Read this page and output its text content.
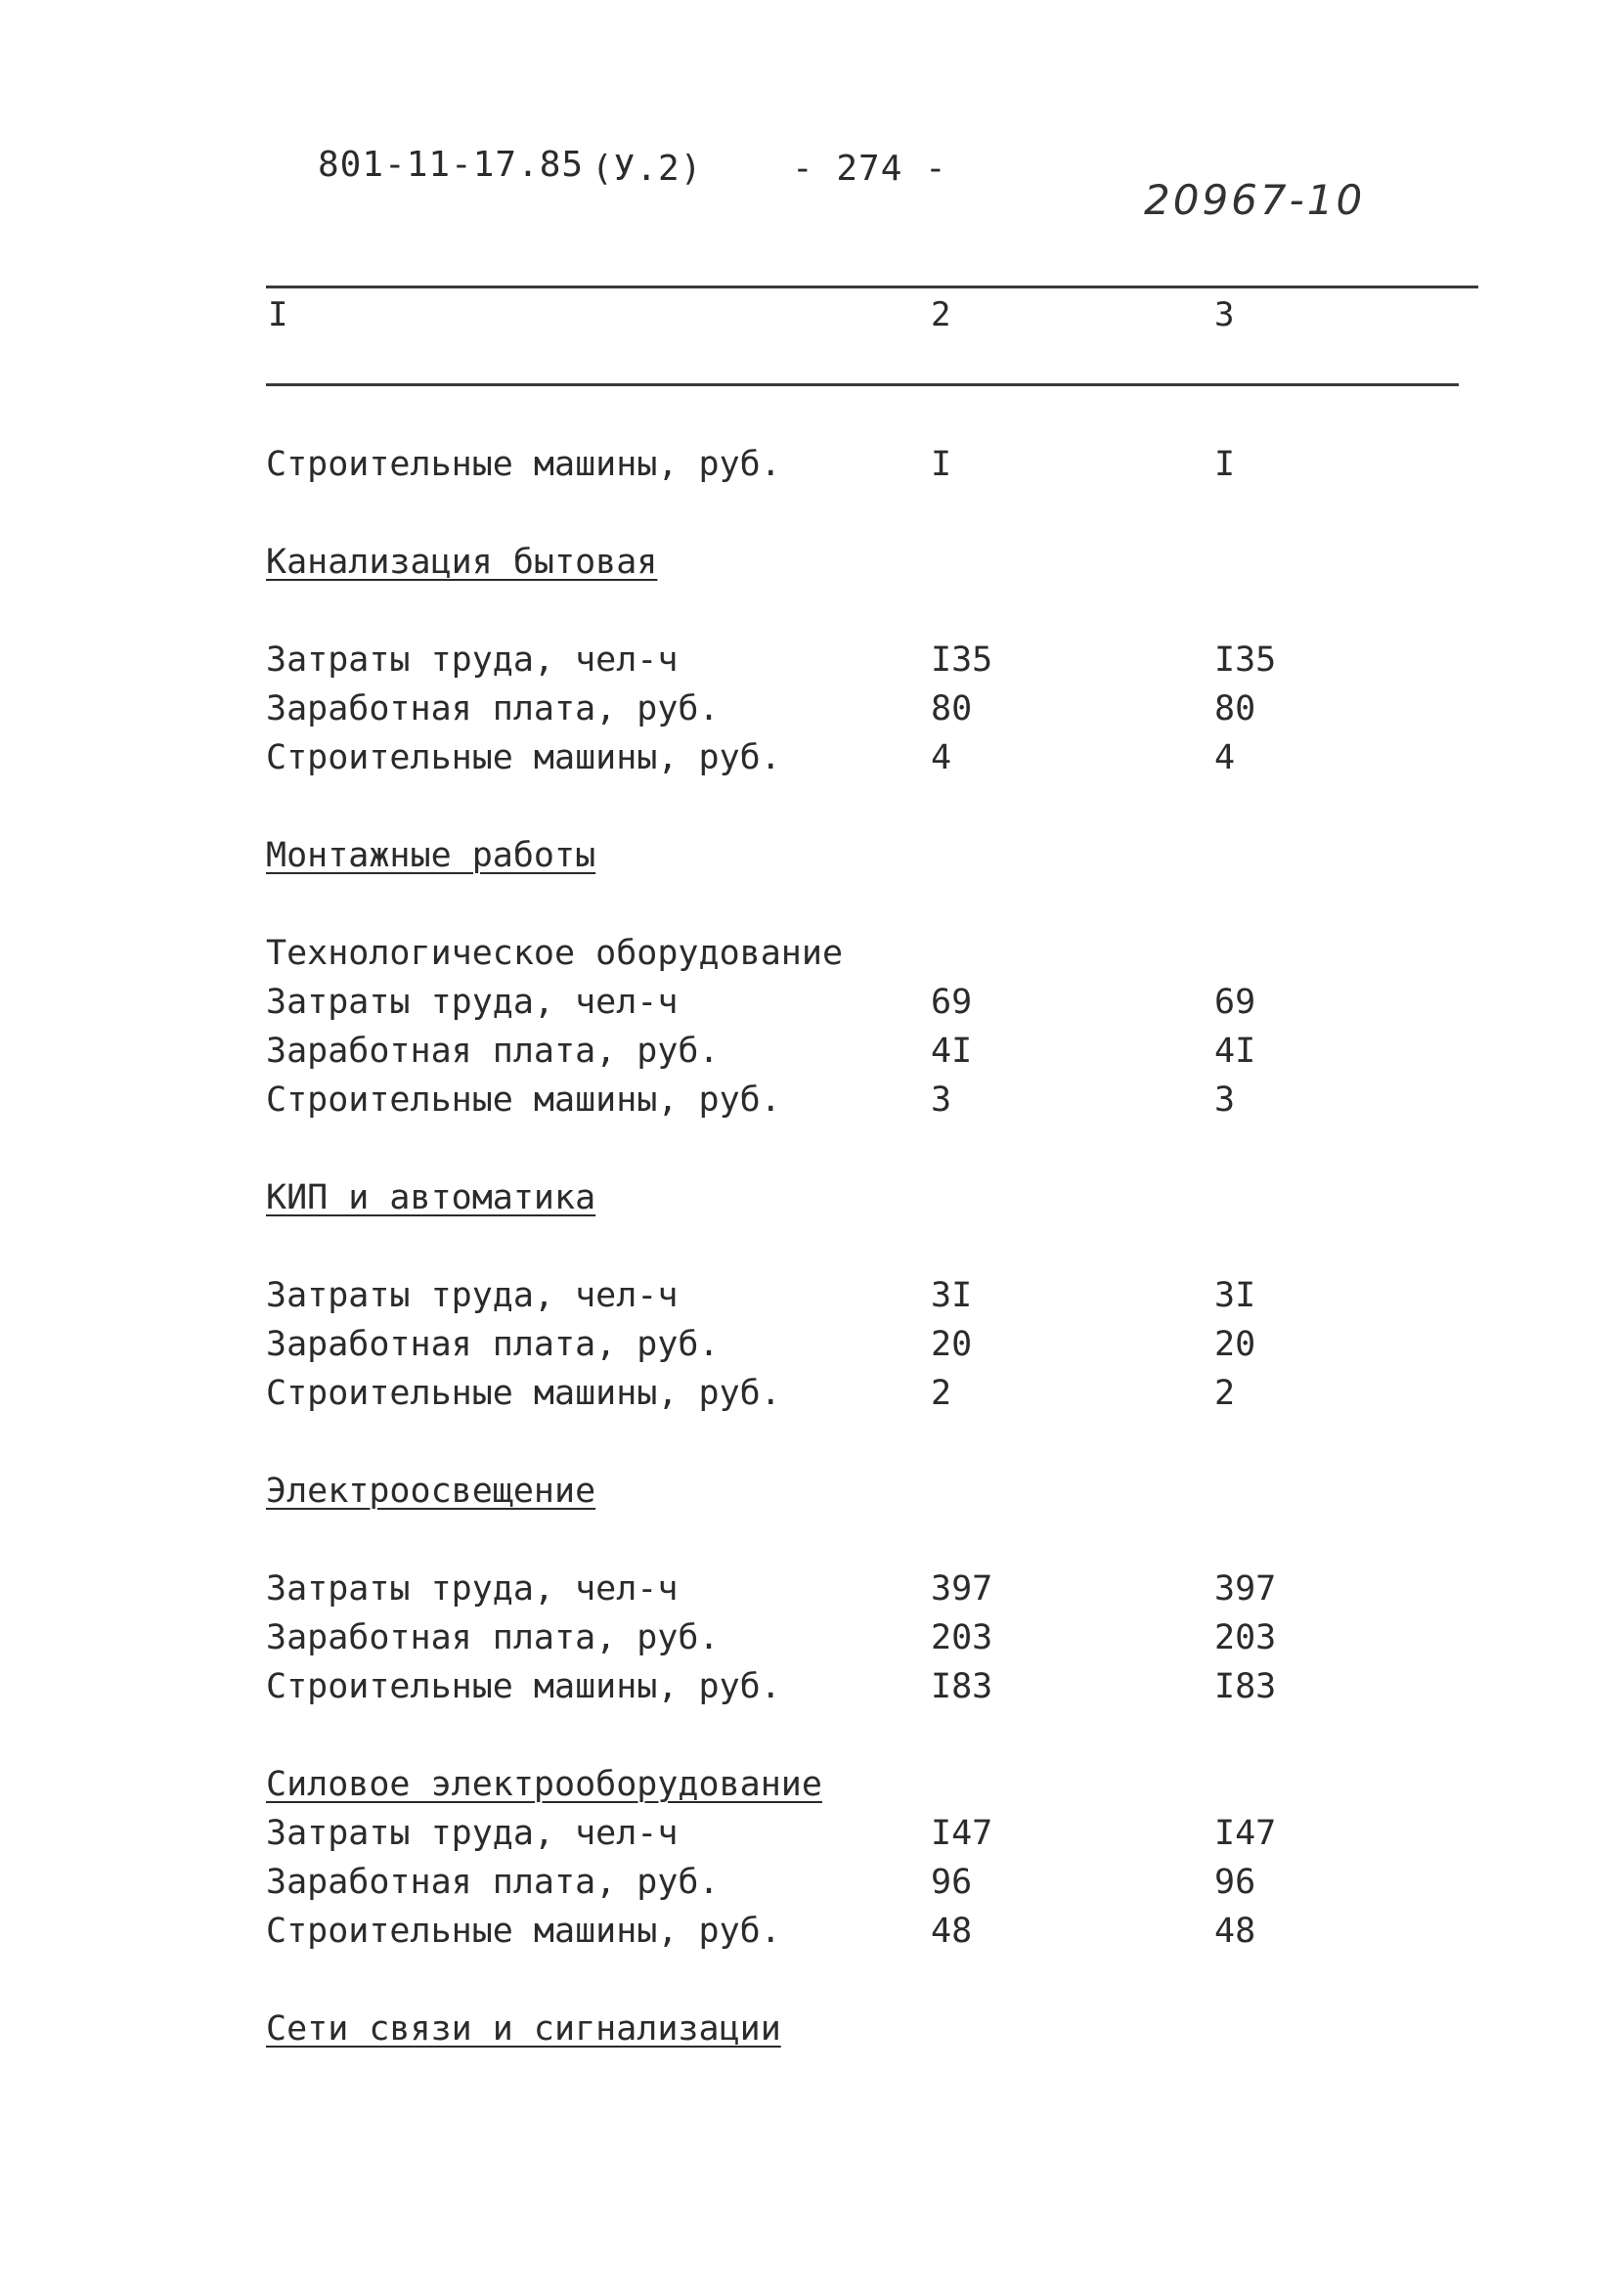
801-11-17.85 (У.2)	- 274 -
20967-10
I	2	3
Строительные машины, руб.	I	I
Канализация бытовая
Затраты труда, чел-ч	I35	I35
Заработная плата, руб.	80	80
Строительные машины, руб.	4	4
Монтажные работы
Технологическое оборудование
Затраты труда, чел-ч	69	69
Заработная плата, руб.	4I	4I
Строительные машины, руб.	3	3
КИП и автоматика
Затраты труда, чел-ч	3I	3I
Заработная плата, руб.	20	20
Строительные машины, руб.	2	2
Электроосвещение
Затраты труда, чел-ч	397	397
Заработная плата, руб.	203	203
Строительные машины, руб.	I83	I83
Силовое электрооборудование
Затраты труда, чел-ч	I47	I47
Заработная плата, руб.	96	96
Строительные машины, руб.	48	48
Сети связи и сигнализации
